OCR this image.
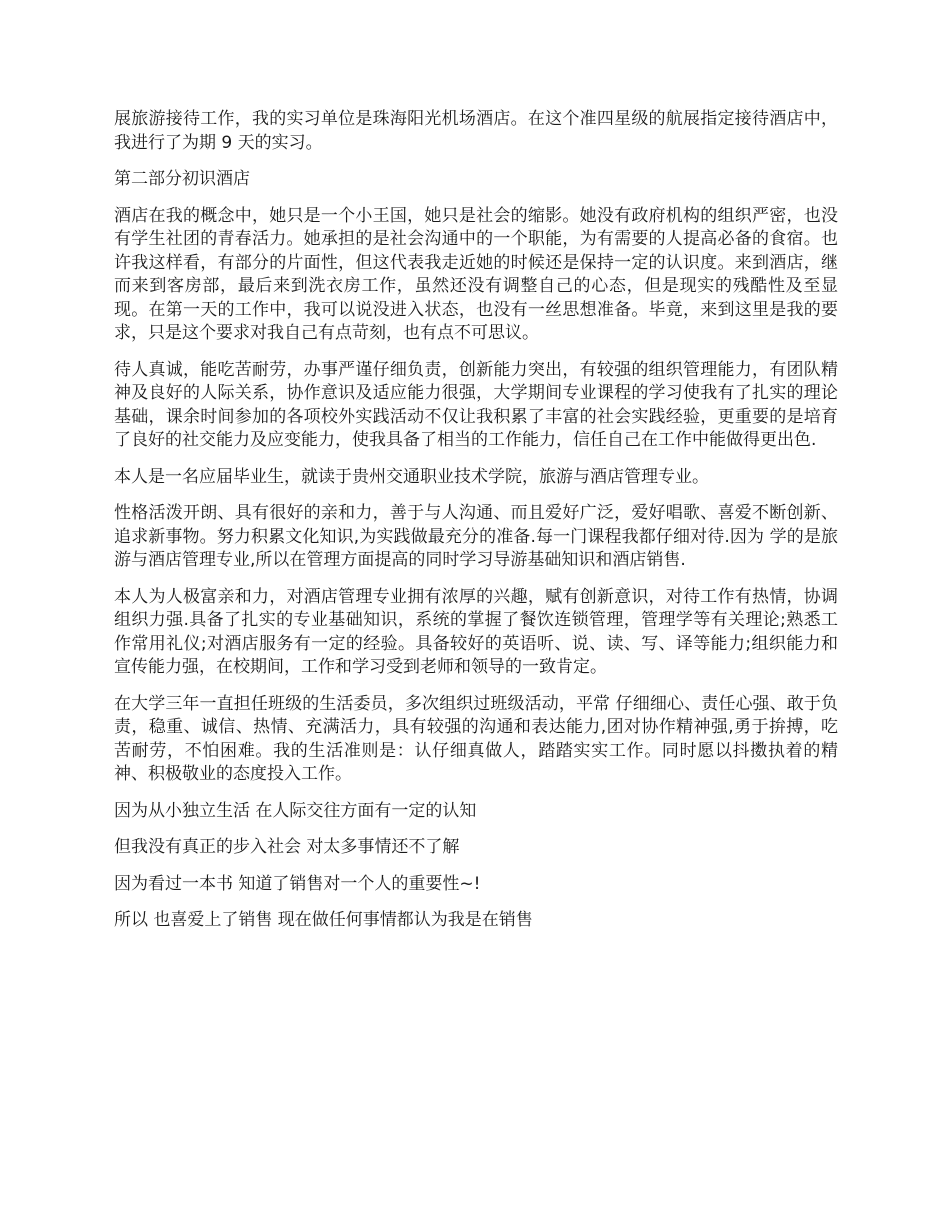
展旅游接待工作，我的实习单位是珠海阳光机场酒店。在这个准四星级的航展指定接待酒店中，我进行了为期 9 天的实习。

第二部分初识酒店

酒店在我的概念中，她只是一个小王国，她只是社会的缩影。她没有政府机构的组织严密，也没有学生社团的青春活力。她承担的是社会沟通中的一个职能，为有需要的人提高必备的食宿。也许我这样看，有部分的片面性，但这代表我走近她的时候还是保持一定的认识度。来到酒店，继而来到客房部，最后来到洗衣房工作，虽然还没有调整自己的心态，但是现实的残酷性及至显现。在第一天的工作中，我可以说没进入状态，也没有一丝思想准备。毕竟，来到这里是我的要求，只是这个要求对我自己有点苛刻，也有点不可思议。

待人真诚，能吃苦耐劳，办事严谨仔细负责，创新能力突出，有较强的组织管理能力，有团队精神及良好的人际关系，协作意识及适应能力很强，大学期间专业课程的学习使我有了扎实的理论基础，课余时间参加的各项校外实践活动不仅让我积累了丰富的社会实践经验，更重要的是培育了良好的社交能力及应变能力，使我具备了相当的工作能力，信任自己在工作中能做得更出色.

本人是一名应届毕业生，就读于贵州交通职业技术学院，旅游与酒店管理专业。

性格活泼开朗、具有很好的亲和力，善于与人沟通、而且爱好广泛，爱好唱歌、喜爱不断创新、追求新事物。努力积累文化知识,为实践做最充分的准备.每一门课程我都仔细对待.因为 学的是旅游与酒店管理专业,所以在管理方面提高的同时学习导游基础知识和酒店销售.

本人为人极富亲和力，对酒店管理专业拥有浓厚的兴趣，赋有创新意识，对待工作有热情，协调组织力强.具备了扎实的专业基础知识，系统的掌握了餐饮连锁管理，管理学等有关理论;熟悉工作常用礼仪;对酒店服务有一定的经验。具备较好的英语听、说、读、写、译等能力;组织能力和宣传能力强，在校期间，工作和学习受到老师和领导的一致肯定。

在大学三年一直担任班级的生活委员，多次组织过班级活动，平常 仔细细心、责任心强、敢于负责，稳重、诚信、热情、充满活力，具有较强的沟通和表达能力,团对协作精神强,勇于拚搏，吃苦耐劳，不怕困难。我的生活准则是：认仔细真做人，踏踏实实工作。同时愿以抖擞执着的精神、积极敬业的态度投入工作。

因为从小独立生活 在人际交往方面有一定的认知

但我没有真正的步入社会 对太多事情还不了解

因为看过一本书 知道了销售对一个人的重要性~!

所以 也喜爱上了销售 现在做任何事情都认为我是在销售
